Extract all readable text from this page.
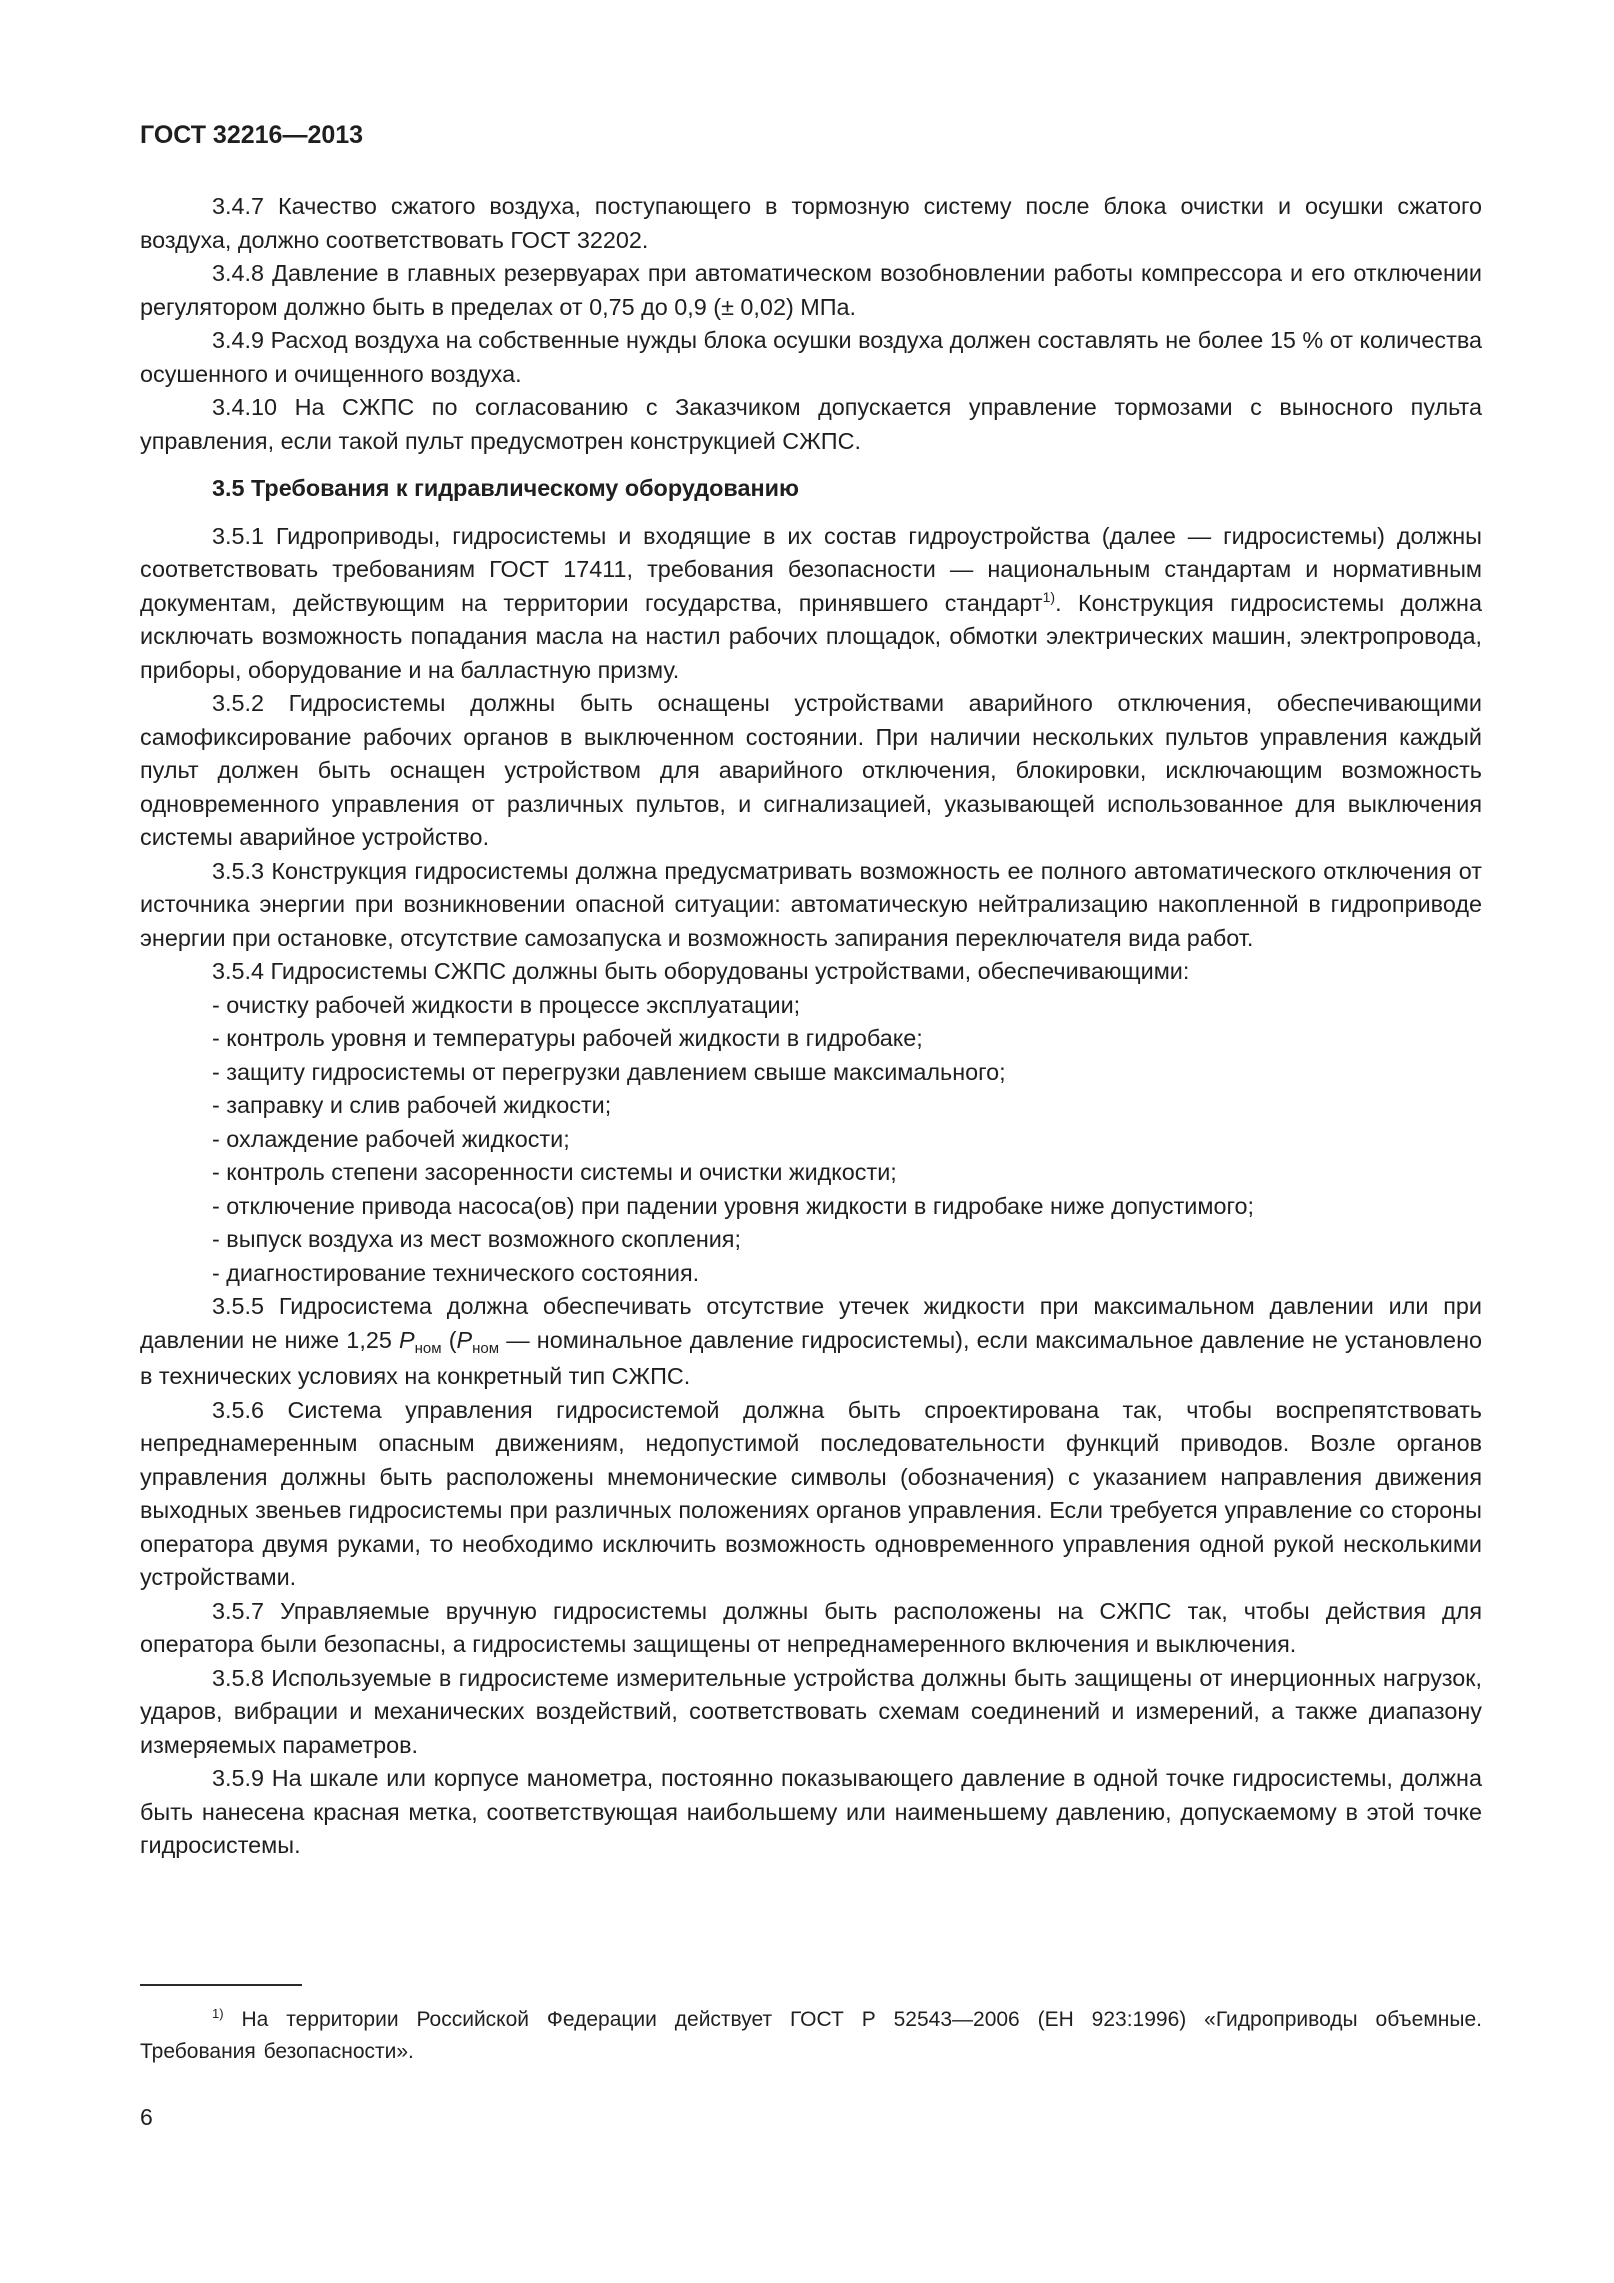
ГОСТ 32216—2013

3.4.7 Качество сжатого воздуха, поступающего в тормозную систему после блока очистки и осушки сжатого воздуха, должно соответствовать ГОСТ 32202.

3.4.8 Давление в главных резервуарах при автоматическом возобновлении работы компрессора и его отключении регулятором должно быть в пределах от 0,75 до 0,9 (± 0,02) МПа.

3.4.9 Расход воздуха на собственные нужды блока осушки воздуха должен составлять не более 15 % от количества осушенного и очищенного воздуха.

3.4.10 На СЖПС по согласованию с Заказчиком допускается управление тормозами с выносного пульта управления, если такой пульт предусмотрен конструкцией СЖПС.

3.5 Требования к гидравлическому оборудованию

3.5.1 Гидроприводы, гидросистемы и входящие в их состав гидроустройства (далее — гидросистемы) должны соответствовать требованиям ГОСТ 17411, требования безопасности — национальным стандартам и нормативным документам, действующим на территории государства, принявшего стандарт$^{1)}$. Конструкция гидросистемы должна исключать возможность попадания масла на настил рабочих площадок, обмотки электрических машин, электропровода, приборы, оборудование и на балластную призму.

3.5.2 Гидросистемы должны быть оснащены устройствами аварийного отключения, обеспечивающими самофиксирование рабочих органов в выключенном состоянии. При наличии нескольких пультов управления каждый пульт должен быть оснащен устройством для аварийного отключения, блокировки, исключающим возможность одновременного управления от различных пультов, и сигнализацией, указывающей использованное для выключения системы аварийное устройство.

3.5.3 Конструкция гидросистемы должна предусматривать возможность ее полного автоматического отключения от источника энергии при возникновении опасной ситуации: автоматическую нейтрализацию накопленной в гидроприводе энергии при остановке, отсутствие самозапуска и возможность запирания переключателя вида работ.

3.5.4 Гидросистемы СЖПС должны быть оборудованы устройствами, обеспечивающими:

- очистку рабочей жидкости в процессе эксплуатации;
- контроль уровня и температуры рабочей жидкости в гидробаке;
- защиту гидросистемы от перегрузки давлением свыше максимального;
- заправку и слив рабочей жидкости;
- охлаждение рабочей жидкости;
- контроль степени засоренности системы и очистки жидкости;
- отключение привода насоса(ов) при падении уровня жидкости в гидробаке ниже допустимого;
- выпуск воздуха из мест возможного скопления;
- диагностирование технического состояния.

3.5.5 Гидросистема должна обеспечивать отсутствие утечек жидкости при максимальном давлении или при давлении не ниже 1,25 $P_{ном}$ ($P_{ном}$ — номинальное давление гидросистемы), если максимальное давление не установлено в технических условиях на конкретный тип СЖПС.

3.5.6 Система управления гидросистемой должна быть спроектирована так, чтобы воспрепятствовать непреднамеренным опасным движениям, недопустимой последовательности функций приводов. Возле органов управления должны быть расположены мнемонические символы (обозначения) с указанием направления движения выходных звеньев гидросистемы при различных положениях органов управления. Если требуется управление со стороны оператора двумя руками, то необходимо исключить возможность одновременного управления одной рукой несколькими устройствами.

3.5.7 Управляемые вручную гидросистемы должны быть расположены на СЖПС так, чтобы действия для оператора были безопасны, а гидросистемы защищены от непреднамеренного включения и выключения.

3.5.8 Используемые в гидросистеме измерительные устройства должны быть защищены от инерционных нагрузок, ударов, вибрации и механических воздействий, соответствовать схемам соединений и измерений, а также диапазону измеряемых параметров.

3.5.9 На шкале или корпусе манометра, постоянно показывающего давление в одной точке гидросистемы, должна быть нанесена красная метка, соответствующая наибольшему или наименьшему давлению, допускаемому в этой точке гидросистемы.

$^{1)}$ На территории Российской Федерации действует ГОСТ Р 52543—2006 (ЕН 923:1996) «Гидроприводы объемные. Требования безопасности».
6
